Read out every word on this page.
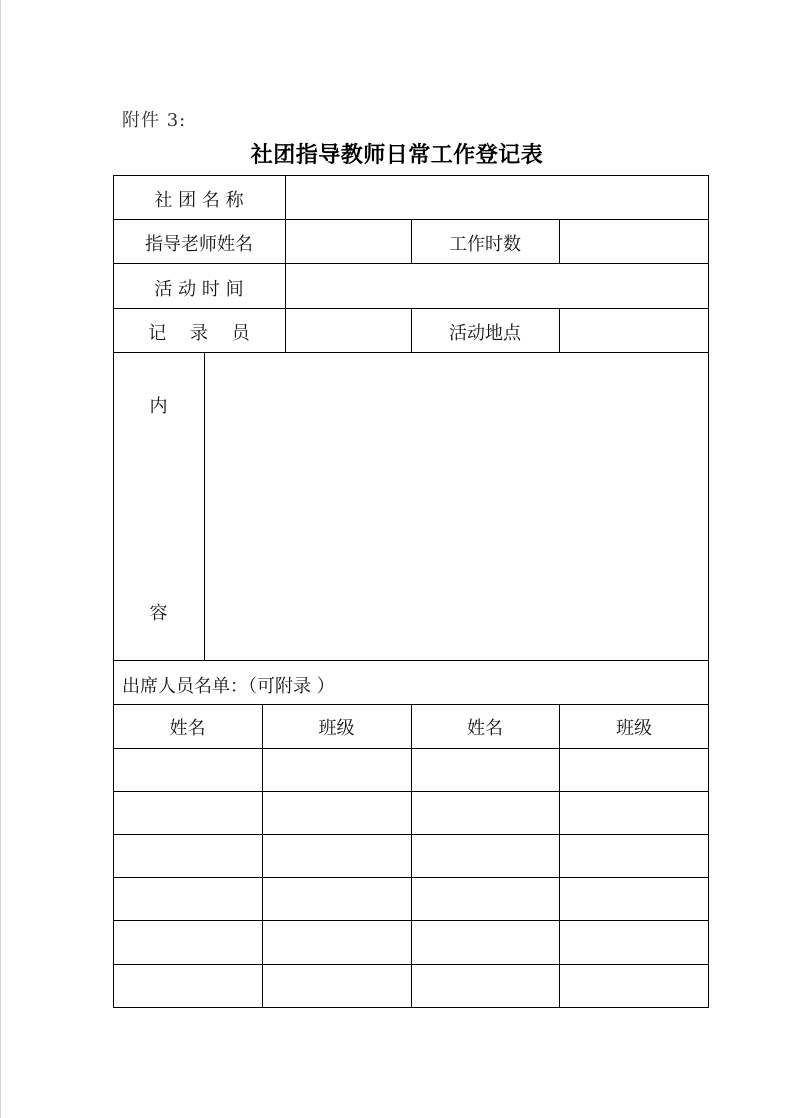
附件 3:
社团指导教师日常工作登记表
社 团 名 称
指导老师姓名	工作时数
活 动 时 间
记　 录　 员	活动地点
内
容
出席人员名单：（可附录 ）
姓名	班级	姓名	班级
